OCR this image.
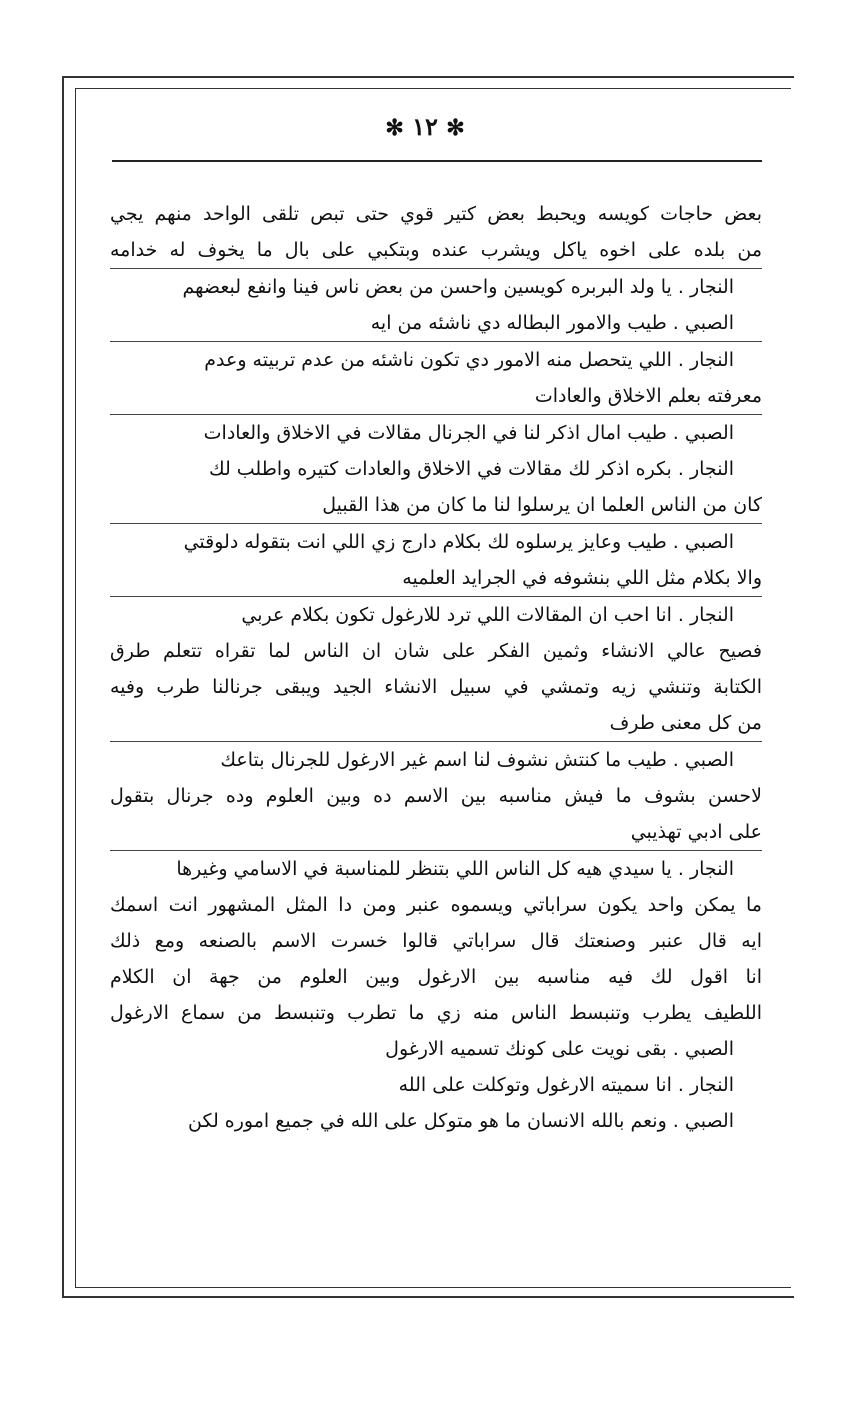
✻ ١٢ ✻
بعض حاجات كويسه ويحبط بعض كتير قوي حتى تبص تلقى الواحد منهم يجي
من بلده على اخوه ياكل ويشرب عنده وبتكبي على بال ما يخوف له خدامه
النجار . يا ولد البربره كويسين واحسن من بعض ناس فينا وانفع لبعضهم
الصبي . طيب والامور البطاله دي ناشئه من ايه
النجار . اللي يتحصل منه الامور دي تكون ناشئه من عدم تربيته وعدم
معرفته بعلم الاخلاق والعادات
الصبي . طيب امال اذكر لنا في الجرنال مقالات في الاخلاق والعادات
النجار . بكره اذكر لك مقالات في الاخلاق والعادات كتيره واطلب لك
كان من الناس العلما ان يرسلوا لنا ما كان من هذا القبيل
الصبي . طيب وعايز يرسلوه لك بكلام دارج زي اللي انت بتقوله دلوقتي
والا بكلام مثل اللي بنشوفه في الجرايد العلميه
النجار . انا احب ان المقالات اللي ترد للارغول تكون بكلام عربي
فصيح عالي الانشاء وثمين الفكر على شان ان الناس لما تقراه تتعلم طرق
الكتابة وتنشي زيه وتمشي في سبيل الانشاء الجيد ويبقى جرنالنا طرب وفيه
من كل معنى طرف
الصبي . طيب ما كنتش نشوف لنا اسم غير الارغول للجرنال بتاعك
لاحسن بشوف ما فيش مناسبه بين الاسم ده وبين العلوم وده جرنال بتقول
على ادبي تهذيبي
النجار . يا سيدي هيه كل الناس اللي بتنظر للمناسبة في الاسامي وغيرها
ما يمكن واحد يكون سراباتي ويسموه عنبر ومن دا المثل المشهور انت اسمك
ايه قال عنبر وصنعتك قال سراباتي قالوا خسرت الاسم بالصنعه ومع ذلك
انا اقول لك فيه مناسبه بين الارغول وبين العلوم من جهة ان الكلام
اللطيف يطرب وتنبسط الناس منه زي ما تطرب وتنبسط من سماع الارغول
الصبي . بقى نويت على كونك تسميه الارغول
النجار . انا سميته الارغول وتوكلت على الله
الصبي . ونعم بالله الانسان ما هو متوكل على الله في جميع اموره لكن
